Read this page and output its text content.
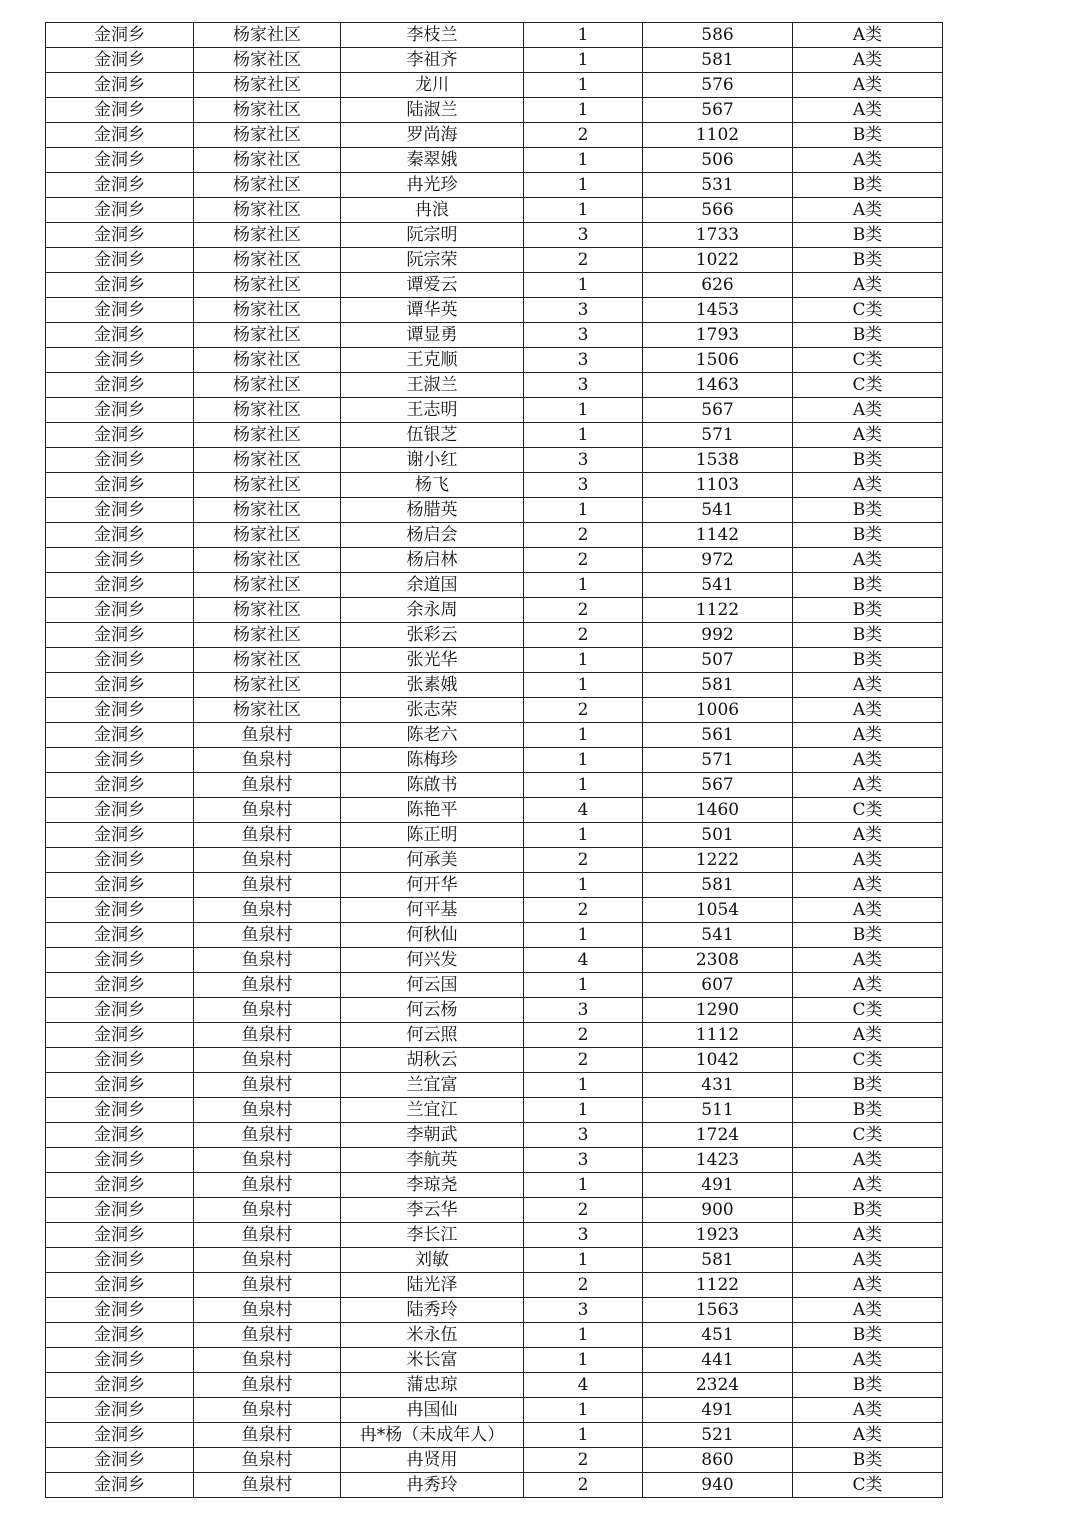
金洞乡	杨家社区	李枝兰	1	586	A类
金洞乡	杨家社区	李祖齐	1	581	A类
金洞乡	杨家社区	龙川	1	576	A类
金洞乡	杨家社区	陆淑兰	1	567	A类
金洞乡	杨家社区	罗尚海	2	1102	B类
金洞乡	杨家社区	秦翠娥	1	506	A类
金洞乡	杨家社区	冉光珍	1	531	B类
金洞乡	杨家社区	冉浪	1	566	A类
金洞乡	杨家社区	阮宗明	3	1733	B类
金洞乡	杨家社区	阮宗荣	2	1022	B类
金洞乡	杨家社区	谭爱云	1	626	A类
金洞乡	杨家社区	谭华英	3	1453	C类
金洞乡	杨家社区	谭显勇	3	1793	B类
金洞乡	杨家社区	王克顺	3	1506	C类
金洞乡	杨家社区	王淑兰	3	1463	C类
金洞乡	杨家社区	王志明	1	567	A类
金洞乡	杨家社区	伍银芝	1	571	A类
金洞乡	杨家社区	谢小红	3	1538	B类
金洞乡	杨家社区	杨飞	3	1103	A类
金洞乡	杨家社区	杨腊英	1	541	B类
金洞乡	杨家社区	杨启会	2	1142	B类
金洞乡	杨家社区	杨启林	2	972	A类
金洞乡	杨家社区	余道国	1	541	B类
金洞乡	杨家社区	余永周	2	1122	B类
金洞乡	杨家社区	张彩云	2	992	B类
金洞乡	杨家社区	张光华	1	507	B类
金洞乡	杨家社区	张素娥	1	581	A类
金洞乡	杨家社区	张志荣	2	1006	A类
金洞乡	鱼泉村	陈老六	1	561	A类
金洞乡	鱼泉村	陈梅珍	1	571	A类
金洞乡	鱼泉村	陈啟书	1	567	A类
金洞乡	鱼泉村	陈艳平	4	1460	C类
金洞乡	鱼泉村	陈正明	1	501	A类
金洞乡	鱼泉村	何承美	2	1222	A类
金洞乡	鱼泉村	何开华	1	581	A类
金洞乡	鱼泉村	何平基	2	1054	A类
金洞乡	鱼泉村	何秋仙	1	541	B类
金洞乡	鱼泉村	何兴发	4	2308	A类
金洞乡	鱼泉村	何云国	1	607	A类
金洞乡	鱼泉村	何云杨	3	1290	C类
金洞乡	鱼泉村	何云照	2	1112	A类
金洞乡	鱼泉村	胡秋云	2	1042	C类
金洞乡	鱼泉村	兰宜富	1	431	B类
金洞乡	鱼泉村	兰宜江	1	511	B类
金洞乡	鱼泉村	李朝武	3	1724	C类
金洞乡	鱼泉村	李航英	3	1423	A类
金洞乡	鱼泉村	李琼尧	1	491	A类
金洞乡	鱼泉村	李云华	2	900	B类
金洞乡	鱼泉村	李长江	3	1923	A类
金洞乡	鱼泉村	刘敏	1	581	A类
金洞乡	鱼泉村	陆光泽	2	1122	A类
金洞乡	鱼泉村	陆秀玲	3	1563	A类
金洞乡	鱼泉村	米永伍	1	451	B类
金洞乡	鱼泉村	米长富	1	441	A类
金洞乡	鱼泉村	蒲忠琼	4	2324	B类
金洞乡	鱼泉村	冉国仙	1	491	A类
金洞乡	鱼泉村	冉*杨（未成年人）	1	521	A类
金洞乡	鱼泉村	冉贤用	2	860	B类
金洞乡	鱼泉村	冉秀玲	2	940	C类
